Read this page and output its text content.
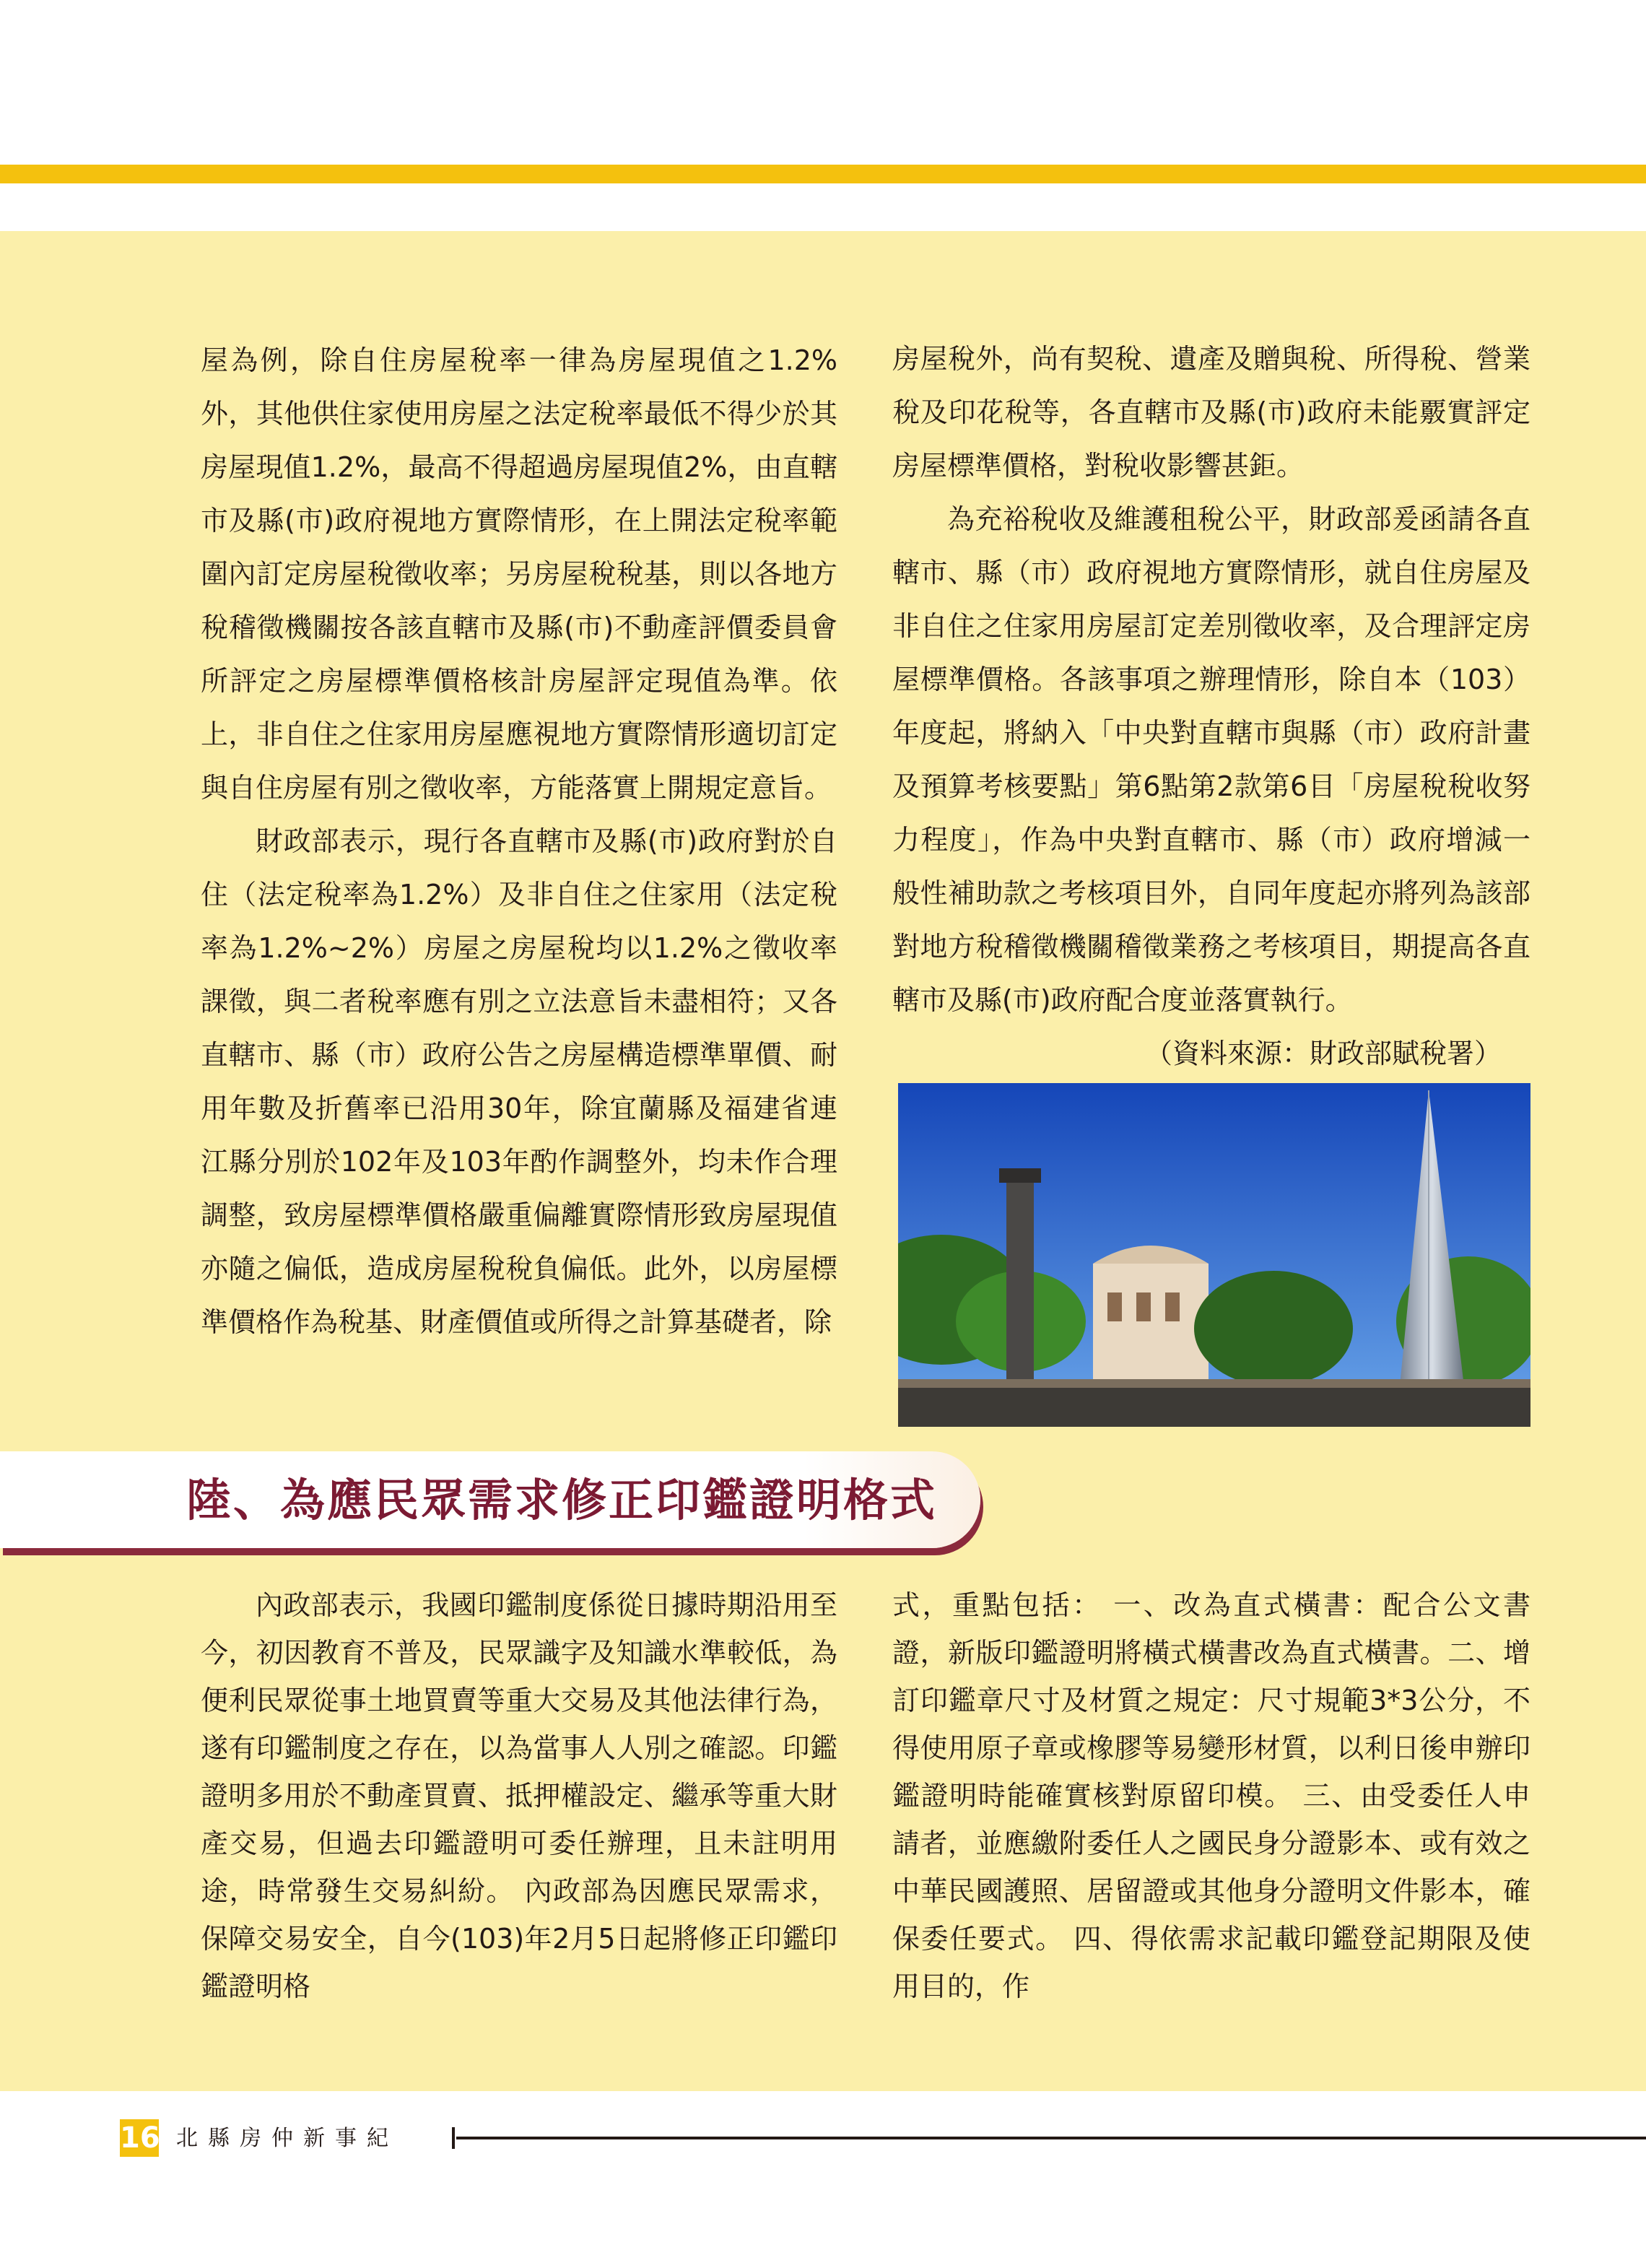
屋為例，除自住房屋稅率一律為房屋現值之1.2%外，其他供住家使用房屋之法定稅率最低不得少於其房屋現值1.2%，最高不得超過房屋現值2%，由直轄市及縣(市)政府視地方實際情形，在上開法定稅率範圍內訂定房屋稅徵收率；另房屋稅稅基，則以各地方稅稽徵機關按各該直轄市及縣(市)不動產評價委員會所評定之房屋標準價格核計房屋評定現值為準。依上，非自住之住家用房屋應視地方實際情形適切訂定與自住房屋有別之徵收率，方能落實上開規定意旨。

財政部表示，現行各直轄市及縣(市)政府對於自住（法定稅率為1.2%）及非自住之住家用（法定稅率為1.2%~2%）房屋之房屋稅均以1.2%之徵收率課徵，與二者稅率應有別之立法意旨未盡相符；又各直轄市、縣（市）政府公告之房屋構造標準單價、耐用年數及折舊率已沿用30年，除宜蘭縣及福建省連江縣分別於102年及103年酌作調整外，均未作合理調整，致房屋標準價格嚴重偏離實際情形致房屋現值亦隨之偏低，造成房屋稅稅負偏低。此外，以房屋標準價格作為稅基、財產價值或所得之計算基礎者，除

房屋稅外，尚有契稅、遺產及贈與稅、所得稅、營業稅及印花稅等，各直轄市及縣(市)政府未能覈實評定房屋標準價格，對稅收影響甚鉅。

為充裕稅收及維護租稅公平，財政部爰函請各直轄市、縣（市）政府視地方實際情形，就自住房屋及非自住之住家用房屋訂定差別徵收率，及合理評定房屋標準價格。各該事項之辦理情形，除自本（103）年度起，將納入「中央對直轄市與縣（市）政府計畫及預算考核要點」第6點第2款第6目「房屋稅稅收努力程度」，作為中央對直轄市、縣（市）政府增減一般性補助款之考核項目外，自同年度起亦將列為該部對地方稅稽徵機關稽徵業務之考核項目，期提高各直轄市及縣(市)政府配合度並落實執行。

（資料來源：財政部賦稅署）

陸、為應民眾需求修正印鑑證明格式

內政部表示，我國印鑑制度係從日據時期沿用至今，初因教育不普及，民眾識字及知識水準較低，為便利民眾從事土地買賣等重大交易及其他法律行為，遂有印鑑制度之存在，以為當事人人別之確認。印鑑證明多用於不動產買賣、抵押權設定、繼承等重大財產交易，但過去印鑑證明可委任辦理，且未註明用途，時常發生交易糾紛。 內政部為因應民眾需求，保障交易安全，自今(103)年2月5日起將修正印鑑印鑑證明格

式，重點包括： 一、改為直式橫書：配合公文書證，新版印鑑證明將橫式橫書改為直式橫書。二、增訂印鑑章尺寸及材質之規定：尺寸規範3*3公分，不得使用原子章或橡膠等易變形材質，以利日後申辦印鑑證明時能確實核對原留印模。 三、由受委任人申請者，並應繳附委任人之國民身分證影本、或有效之中華民國護照、居留證或其他身分證明文件影本，確保委任要式。 四、得依需求記載印鑑登記期限及使用目的，作

16 北縣房仲新事紀
